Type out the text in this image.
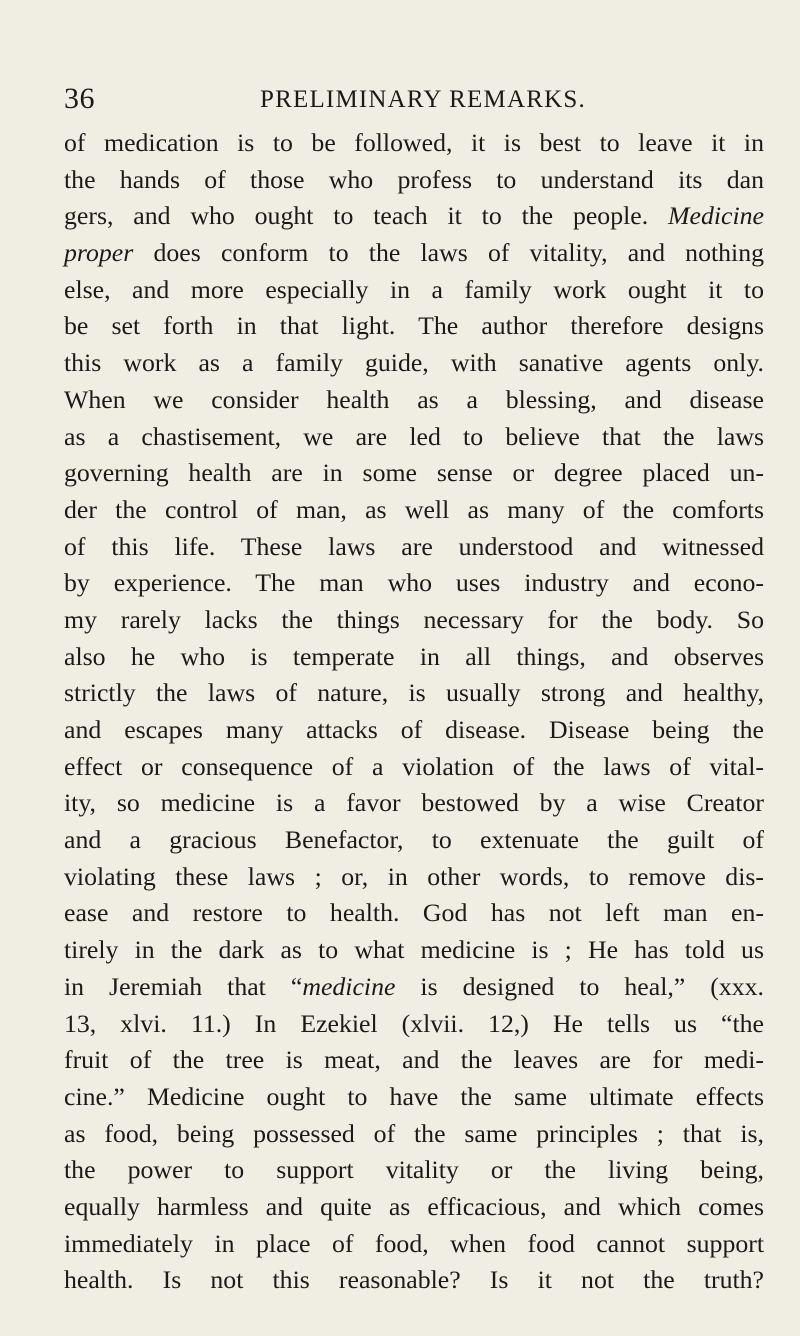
36	PRELIMINARY REMARKS.
of medication is to be followed, it is best to leave it in
the hands of those who profess to understand its dan
gers, and who ought to teach it to the people. Medicine
proper does conform to the laws of vitality, and nothing
else, and more especially in a family work ought it to
be set forth in that light. The author therefore designs
this work as a family guide, with sanative agents only.
When we consider health as a blessing, and disease
as a chastisement, we are led to believe that the laws
governing health are in some sense or degree placed un-
der the control of man, as well as many of the comforts
of this life. These laws are understood and witnessed
by experience. The man who uses industry and econo-
my rarely lacks the things necessary for the body. So
also he who is temperate in all things, and observes
strictly the laws of nature, is usually strong and healthy,
and escapes many attacks of disease. Disease being the
effect or consequence of a violation of the laws of vital-
ity, so medicine is a favor bestowed by a wise Creator
and a gracious Benefactor, to extenuate the guilt of
violating these laws ; or, in other words, to remove dis-
ease and restore to health. God has not left man en-
tirely in the dark as to what medicine is ; He has told us
in Jeremiah that “medicine is designed to heal,” (xxx.
13, xlvi. 11.) In Ezekiel (xlvii. 12,) He tells us “the
fruit of the tree is meat, and the leaves are for medi-
cine.” Medicine ought to have the same ultimate effects
as food, being possessed of the same principles ; that is,
the power to support vitality or the living being,
equally harmless and quite as efficacious, and which comes
immediately in place of food, when food cannot support
health. Is not this reasonable? Is it not the truth?
